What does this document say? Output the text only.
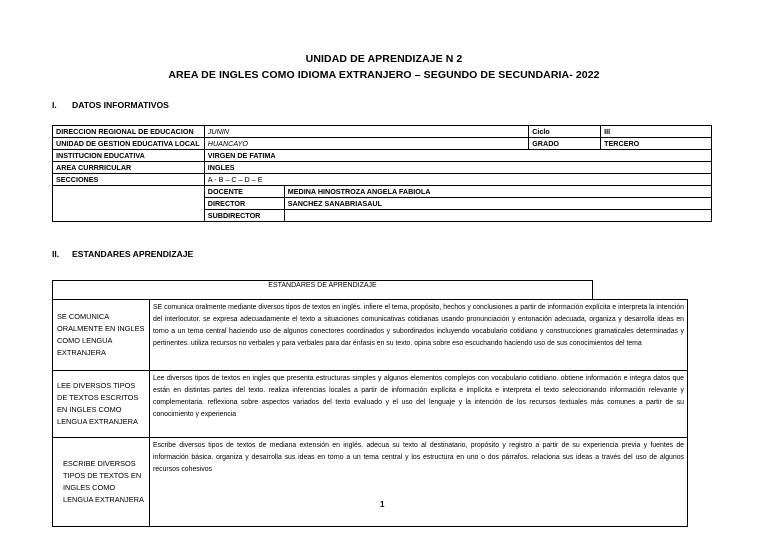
UNIDAD DE APRENDIZAJE N 2
AREA DE INGLES COMO IDIOMA EXTRANJERO – SEGUNDO DE SECUNDARIA- 2022
I. DATOS INFORMATIVOS
DIRECCION REGIONAL DE EDUCACION	JUNIN		Ciclo	III
UNIDAD DE GESTION EDUCATIVA LOCAL	HUANCAYO		GRADO	TERCERO
INSTITUCION EDUCATIVA	VIRGEN DE FATIMA			
AREA CURRRICULAR	INGLES			
SECCIONES	A - B – C – D – E			
	DOCENTE	MEDINA HINOSTROZA ANGELA FABIOLA		
	DIRECTOR	SANCHEZ SANABRIASAUL		
	SUBDIRECTOR			
II. ESTANDARES APRENDIZAJE
ESTANDARES DE APRENDIZAJE
SE COMUNICA ORALMENTE EN INGLES COMO LENGUA EXTRANJERA	SE comunica oralmente mediante diversos tipos de textos en inglés. infiere el tema, propósito, hechos y conclusiones a partir de información explícita e interpreta la intención del interlocutor. se expresa adecuadamente el texto a situaciones comunicativas cotidianas usando pronunciación y entonación adecuada, organiza y desarrolla ideas en torno a un tema central haciendo uso de algunos conectores coordinados y subordinados incluyendo vocabulario cotidiano y construcciones gramaticales determinadas y pertinentes. utiliza recursos no verbales y para verbales para dar énfasis en su texto. opina sobre eso escuchando haciendo uso de sus conocimientos del tema
LEE DIVERSOS TIPOS DE TEXTOS ESCRITOS EN INGLES COMO LENGUA EXTRANJERA	Lee diversos tipos de textos en ingles que presenta estructuras simples y algunos elementos complejos con vocabulario cotidiano. obtiene información e integra datos que están en distintas partes del texto. realiza inferencias locales a partir de información explícita e implícita e interpreta el texto seleccionando información relevante y complementaria. reflexiona sobre aspectos variados del texto evaluado y el uso del lenguaje y la intención de los recursos textuales más comunes a partir de su conocimiento y experiencia
ESCRIBE DIVERSOS TIPOS DE TEXTOS EN INGLES COMO LENGUA EXTRANJERA	Escribe diversos tipos de textos de mediana extensión en inglés. adecua su texto al destinatario, propósito y registro a partir de su experiencia previa y fuentes de información básica. organiza y desarrolla sus ideas en torno a un tema central y los estructura en uno o dos párrafos. relaciona sus ideas a través del uso de algunos recursos cohesivos
1
